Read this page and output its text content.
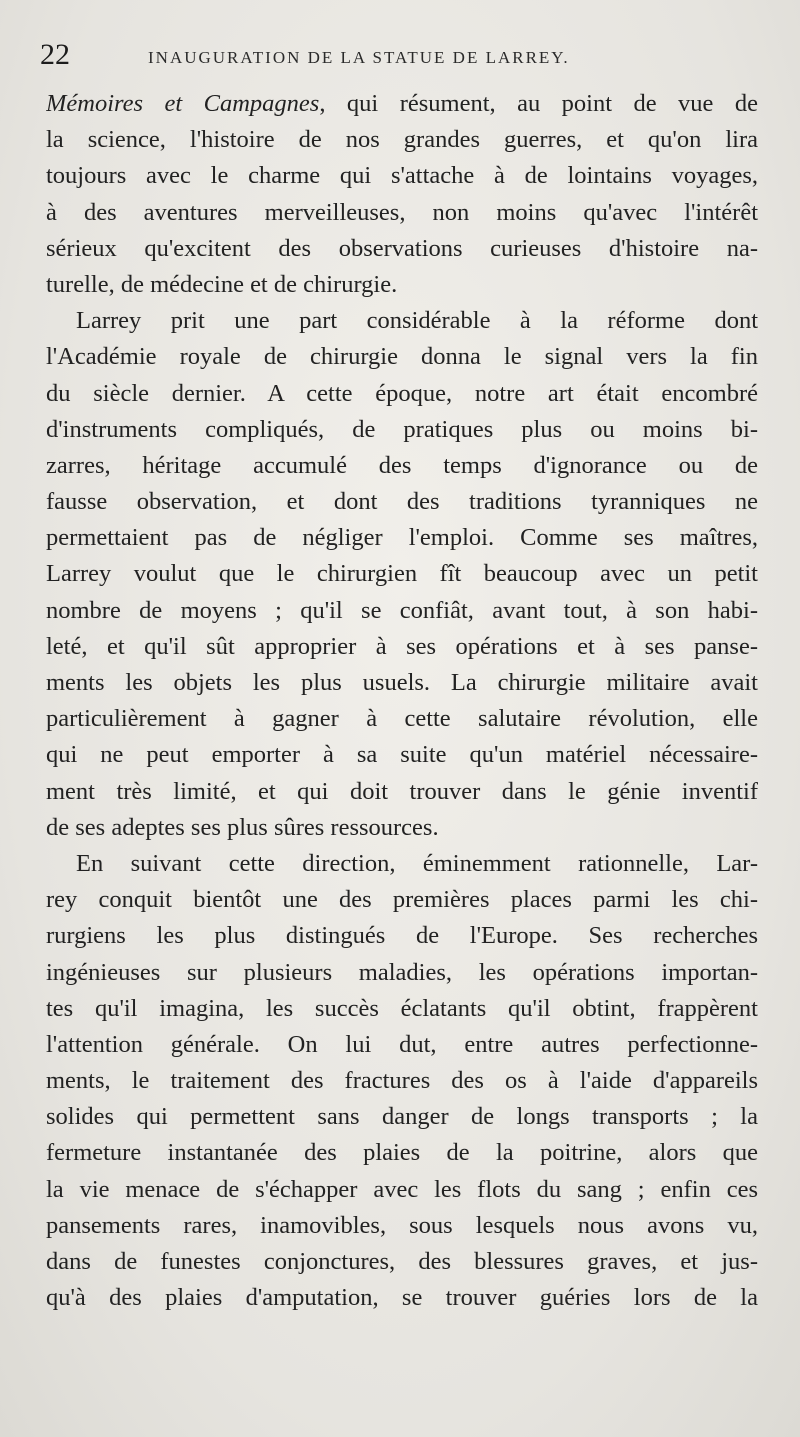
22	INAUGURATION DE LA STATUE DE LARREY.
Mémoires et Campagnes, qui résument, au point de vue de
la science, l'histoire de nos grandes guerres, et qu'on lira
toujours avec le charme qui s'attache à de lointains voyages,
à des aventures merveilleuses, non moins qu'avec l'intérêt
sérieux qu'excitent des observations curieuses d'histoire na-
turelle, de médecine et de chirurgie.
Larrey prit une part considérable à la réforme dont
l'Académie royale de chirurgie donna le signal vers la fin
du siècle dernier. A cette époque, notre art était encombré
d'instruments compliqués, de pratiques plus ou moins bi-
zarres, héritage accumulé des temps d'ignorance ou de
fausse observation, et dont des traditions tyranniques ne
permettaient pas de négliger l'emploi. Comme ses maîtres,
Larrey voulut que le chirurgien fît beaucoup avec un petit
nombre de moyens ; qu'il se confiât, avant tout, à son habi-
leté, et qu'il sût approprier à ses opérations et à ses panse-
ments les objets les plus usuels. La chirurgie militaire avait
particulièrement à gagner à cette salutaire révolution, elle
qui ne peut emporter à sa suite qu'un matériel nécessaire-
ment très limité, et qui doit trouver dans le génie inventif
de ses adeptes ses plus sûres ressources.
En suivant cette direction, éminemment rationnelle, Lar-
rey conquit bientôt une des premières places parmi les chi-
rurgiens les plus distingués de l'Europe. Ses recherches
ingénieuses sur plusieurs maladies, les opérations importan-
tes qu'il imagina, les succès éclatants qu'il obtint, frappèrent
l'attention générale. On lui dut, entre autres perfectionne-
ments, le traitement des fractures des os à l'aide d'appareils
solides qui permettent sans danger de longs transports ; la
fermeture instantanée des plaies de la poitrine, alors que
la vie menace de s'échapper avec les flots du sang ; enfin ces
pansements rares, inamovibles, sous lesquels nous avons vu,
dans de funestes conjonctures, des blessures graves, et jus-
qu'à des plaies d'amputation, se trouver guéries lors de la
